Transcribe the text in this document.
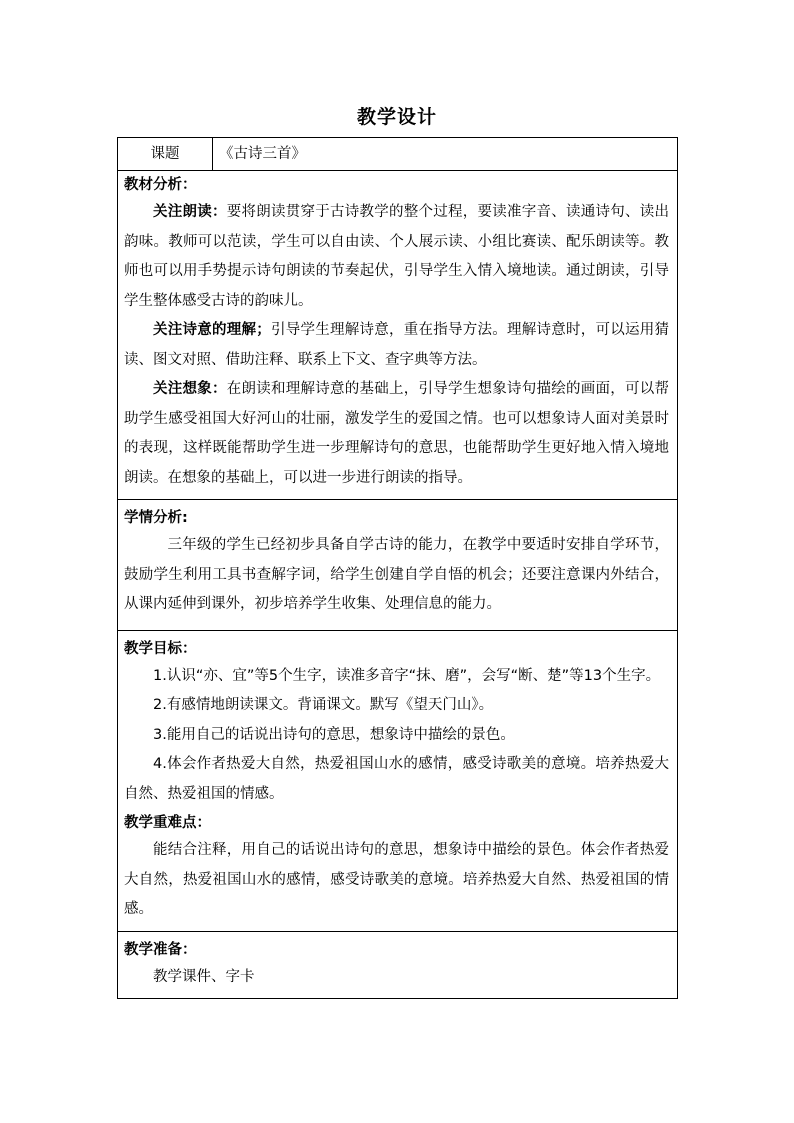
教学设计
课题	《古诗三首》

教材分析：

关注朗读：要将朗读贯穿于古诗教学的整个过程，要读准字音、读通诗句、读出韵味。教师可以范读，学生可以自由读、个人展示读、小组比赛读、配乐朗读等。教师也可以用手势提示诗句朗读的节奏起伏，引导学生入情入境地读。通过朗读，引导学生整体感受古诗的韵味儿。

关注诗意的理解；引导学生理解诗意，重在指导方法。理解诗意时，可以运用猜读、图文对照、借助注释、联系上下文、查字典等方法。

关注想象：在朗读和理解诗意的基础上，引导学生想象诗句描绘的画面，可以帮助学生感受祖国大好河山的壮丽，激发学生的爱国之情。也可以想象诗人面对美景时的表现，这样既能帮助学生进一步理解诗句的意思，也能帮助学生更好地入情入境地朗读。在想象的基础上，可以进一步进行朗读的指导。

学情分析:

三年级的学生已经初步具备自学古诗的能力，在教学中要适时安排自学环节，鼓励学生利用工具书查解字词，给学生创建自学自悟的机会；还要注意课内外结合，从课内延伸到课外，初步培养学生收集、处理信息的能力。

教学目标：

1.认识“亦、宜”等5个生字，读准多音字“抹、磨”，会写“断、楚”等13个生字。

2.有感情地朗读课文。背诵课文。默写《望天门山》。

3.能用自己的话说出诗句的意思，想象诗中描绘的景色。

4.体会作者热爱大自然，热爱祖国山水的感情，感受诗歌美的意境。培养热爱大自然、热爱祖国的情感。

教学重难点：

能结合注释，用自己的话说出诗句的意思，想象诗中描绘的景色。体会作者热爱大自然，热爱祖国山水的感情，感受诗歌美的意境。培养热爱大自然、热爱祖国的情感。

教学准备：

教学课件、字卡
